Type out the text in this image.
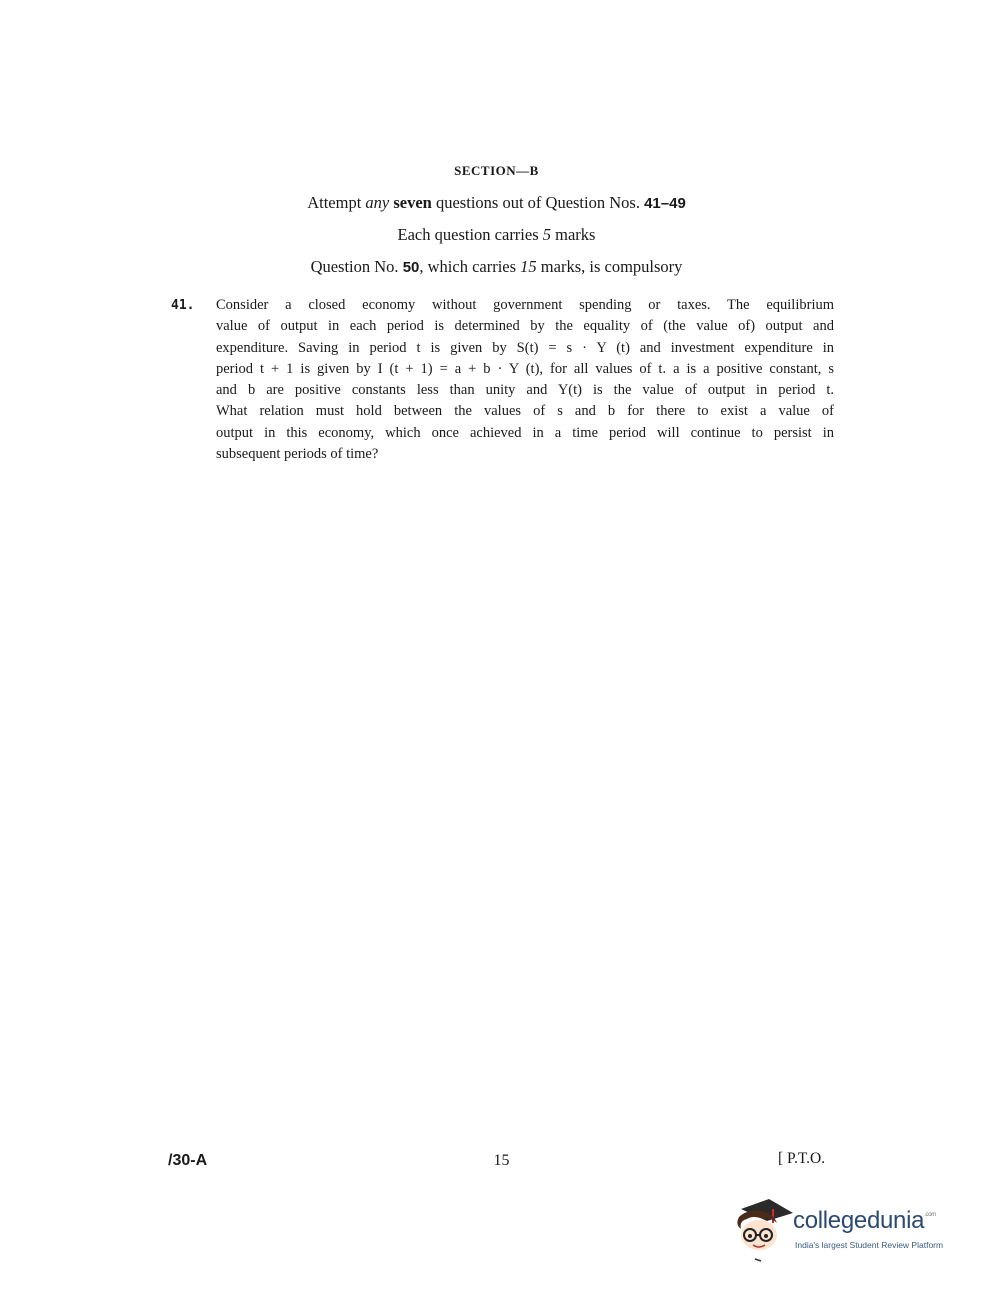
SECTION—B
Attempt any seven questions out of Question Nos. 41–49
Each question carries 5 marks
Question No. 50, which carries 15 marks, is compulsory
41. Consider a closed economy without government spending or taxes. The equilibrium
value of output in each period is determined by the equality of (the value of) output and
expenditure. Saving in period t is given by S(t) = s · Y (t) and investment expenditure in
period t + 1 is given by I (t + 1) = a + b · Y (t), for all values of t. a is a positive constant, s
and b are positive constants less than unity and Y(t) is the value of output in period t.
What relation must hold between the values of s and b for there to exist a value of
output in this economy, which once achieved in a time period will continue to persist in
subsequent periods of time?
/30-A	15	[ P.T.O.
collegedunia$^{.com}$
India's largest Student Review Platform
